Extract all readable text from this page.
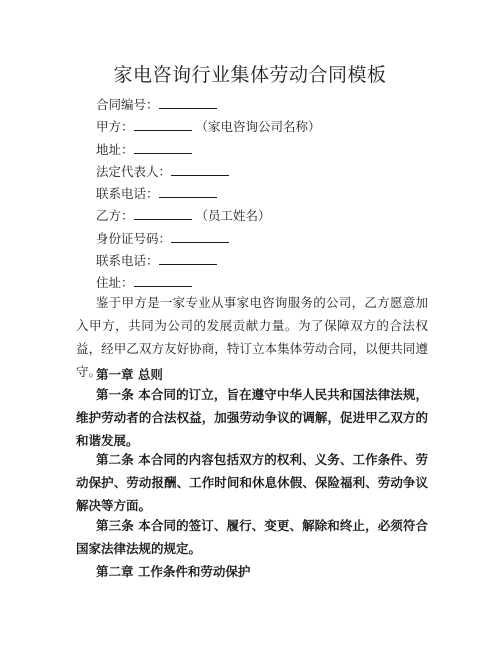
家电咨询行业集体劳动合同模板
合同编号：
甲方：	（家电咨询公司名称）
地址：
法定代表人：
联系电话：
乙方：	（员工姓名）
身份证号码：
联系电话：
住址：
鉴于甲方是一家专业从事家电咨询服务的公司，乙方愿意加入甲方，共同为公司的发展贡献力量。为了保障双方的合法权益，经甲乙双方友好协商，特订立本集体劳动合同，以便共同遵守。
第一章 总则
第一条 本合同的订立，旨在遵守中华人民共和国法律法规，维护劳动者的合法权益，加强劳动争议的调解，促进甲乙双方的和谐发展。
第二条 本合同的内容包括双方的权利、义务、工作条件、劳动保护、劳动报酬、工作时间和休息休假、保险福利、劳动争议解决等方面。
第三条 本合同的签订、履行、变更、解除和终止，必须符合国家法律法规的规定。
第二章 工作条件和劳动保护
